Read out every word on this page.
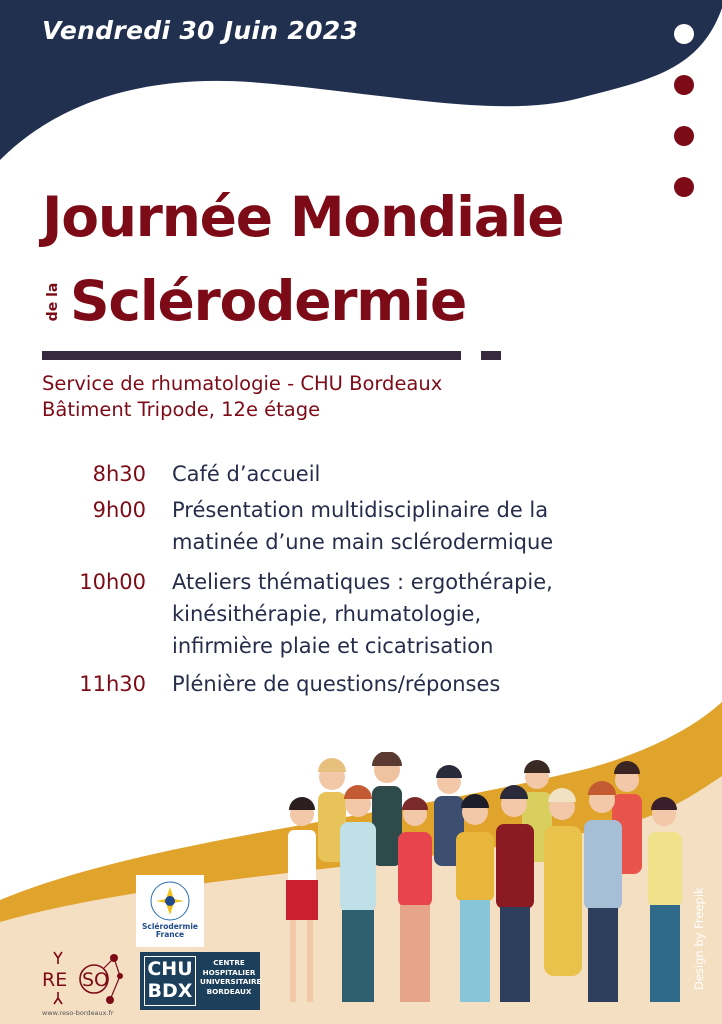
Vendredi 30 Juin 2023
Journée Mondiale
de la Sclérodermie
Service de rhumatologie - CHU Bordeaux
Bâtiment Tripode, 12e étage
8h30 Café d’accueil
9h00 Présentation multidisciplinaire de la
matinée d’une main sclérodermique
10h00 Ateliers thématiques : ergothérapie,
kinésithérapie, rhumatologie,
infirmière plaie et cicatrisation
11h30 Plénière de questions/réponses
Sclérodermie
France
CHU
BDX
CENTRE
HOSPITALIER
UNIVERSITAIRE
BORDEAUX
RE SO
www.reso-bordeaux.fr
Design by Freepik
